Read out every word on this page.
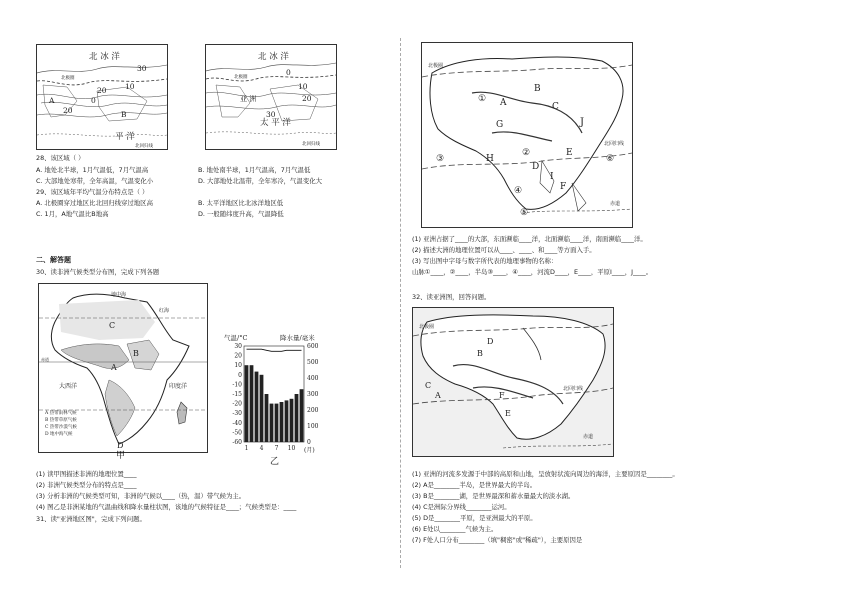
北 冰 洋
30
北极圈
20 10
A	0
20	B
平 洋
北回归线
北 冰 洋
北极圈
0
10
亚 洲	20
30
太 平 洋
北回归线
28、该区域（ ）
A. 地处北半球，1月气温低，7月气温高	B. 地处南半球，1月气温高，7月气温低
C. 大部地处寒带，全年高温，气温变化小	D. 大部地处北温带，全年寒冷，气温变化大
29、该区域年平均气温分布特点是（ ）
A. 北极圈穿过地区比北回归线穿过地区高	B. 太平洋地区比北冰洋地区低
C. 1月，A地气温比B地高	D. 一般随纬度升高，气温降低
二、解答题
30、读非洲气候类型分布图，完成下列各题
地中海
红海
C
B
A
赤道
大西洋	印度洋
D
A 热带雨林气候
B 热带草原气候
C 热带沙漠气候
D 地中海气候
甲
气温/°C	降水量/毫米
30
20
10
0
-10
-15
-20
-30
-40
-50
-60
600
500
400
300
200
100
0
1 4 7 10 (月)
乙
(1) 读甲图描述非洲的地理位置____
(2) 非洲气候类型分布的特点是____
(3) 分析非洲的气候类型可知，非洲的气候以____（热，温）带气候为主。
(4) 图乙是非洲某地的气温曲线和降水量柱状图，该地的气候特征是____；气候类型是：____
31、读"亚洲地区图"，完成下列问题。
北极圈
北回归线
赤道
① A
B
C
J
G
②
H
③
E
⑥
D
I
F
④
⑤
(1) 亚洲占据了____的大部，东面濒临____洋，北面濒临____洋，南面濒临____洋。
(2) 描述大洲的地理位置可以从____、____、和____等方面入手。
(3) 写出图中字母与数字所代表的地理事物的名称：
山脉①____，②____，半岛③____，④____，河流D____，E____，平原I____，J____。
32、读亚洲图，回答问题。
北极圈
北回归线
赤道
D
B
C
A	F
E
(1) 亚洲的河流多发源于中部的高原和山地，呈放射状流向周边的海洋，主要原因是________。
(2) A是________半岛，是世界最大的半岛。
(3) B是________湖，是世界最深和蓄水量最大的淡水湖。
(4) C是洲际分界线________运河。
(5) D是________平原，是亚洲最大的平原。
(6) E处以________气候为主。
(7) F处人口分布________（填"稠密"或"稀疏"），主要原因是
